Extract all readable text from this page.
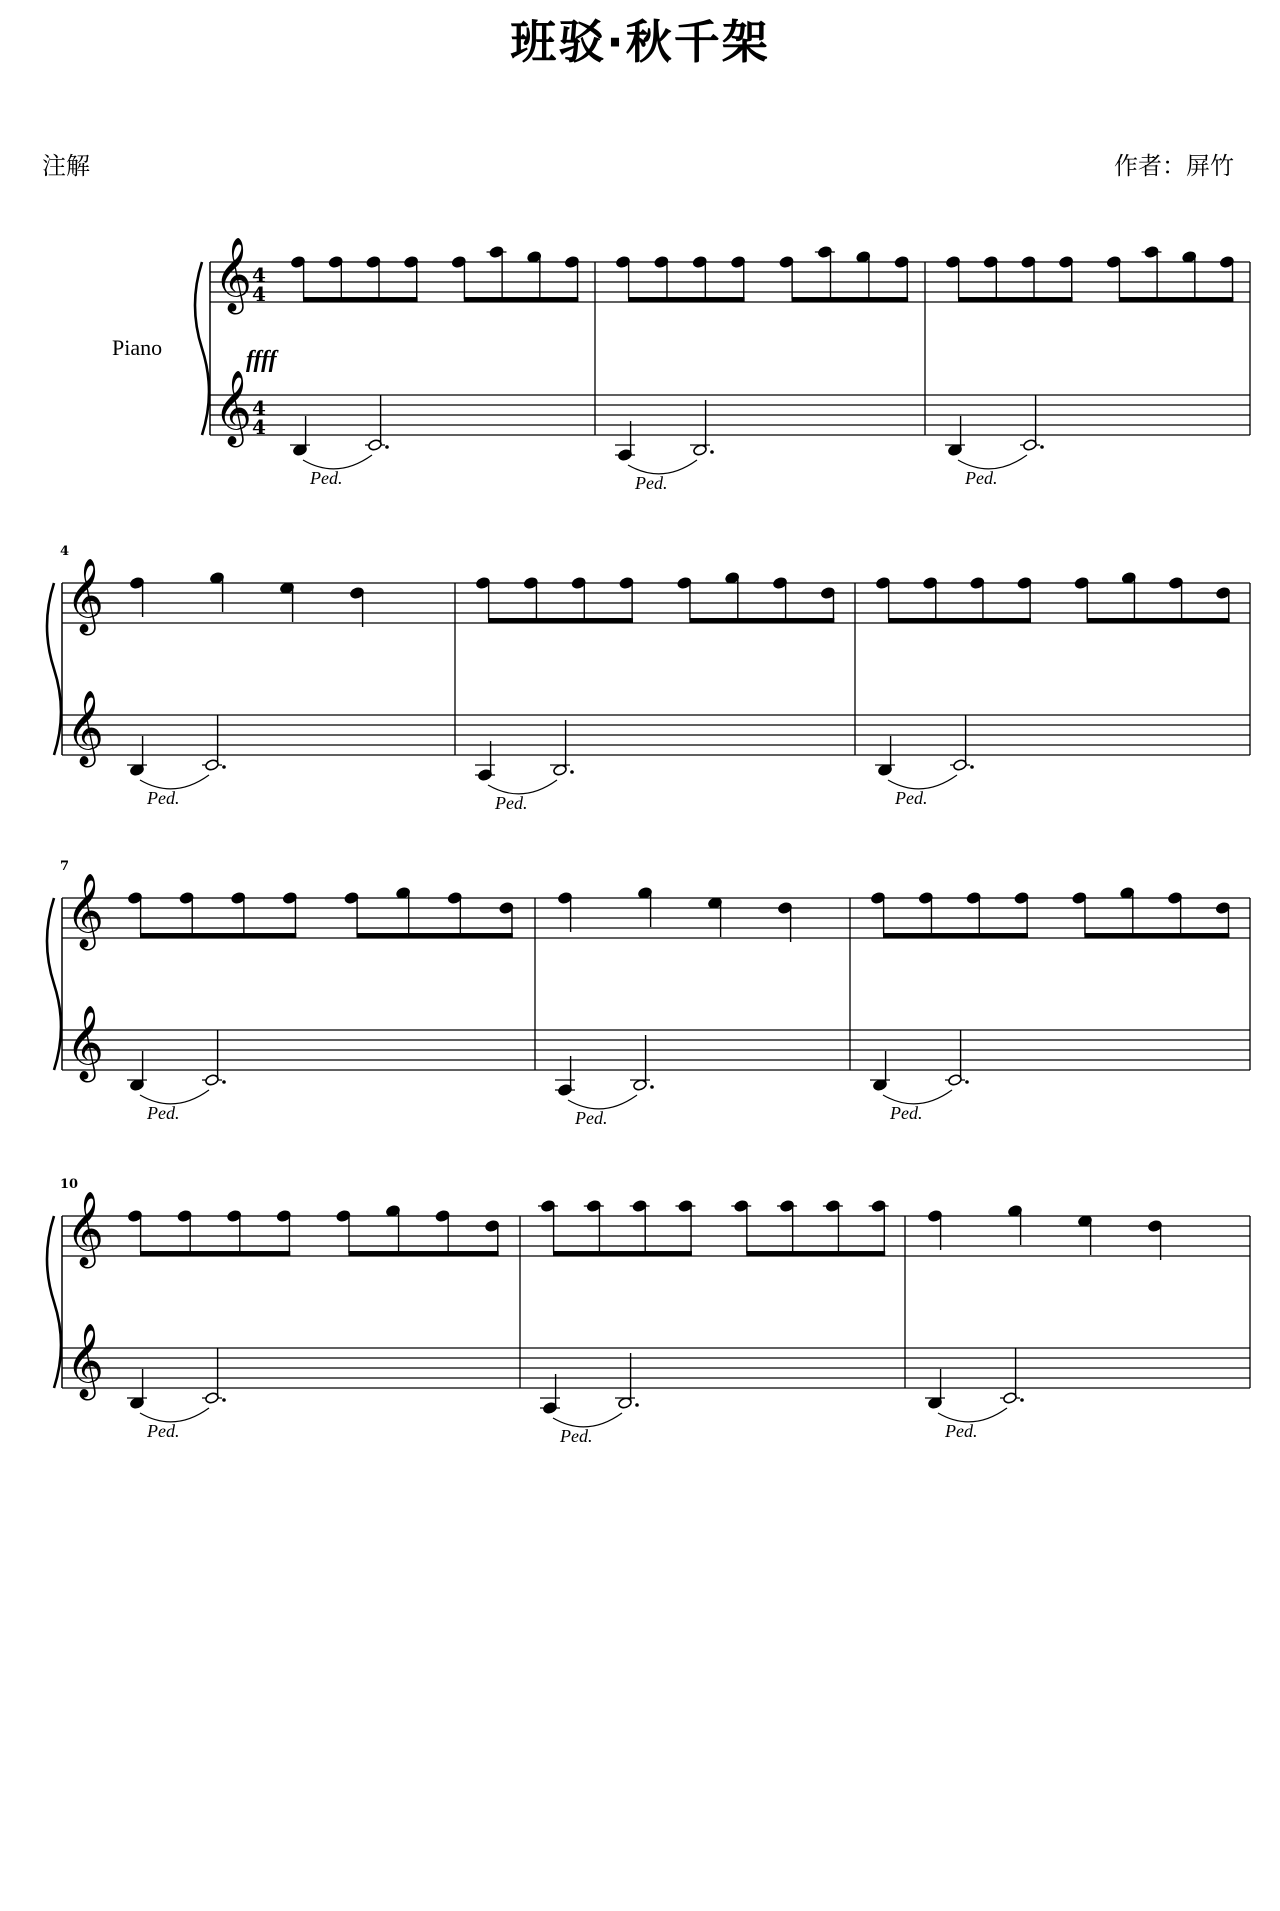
班驳·秋千架
注解	作者：屏竹
Piano
𝄞
𝄞
4
4
4
4
ffff
Ped.	Ped.	Ped.
𝄞
𝄞
4
Ped.	Ped.	Ped.
𝄞
𝄞
7
Ped.	Ped.	Ped.
𝄞
𝄞
10
Ped.	Ped.	Ped.
